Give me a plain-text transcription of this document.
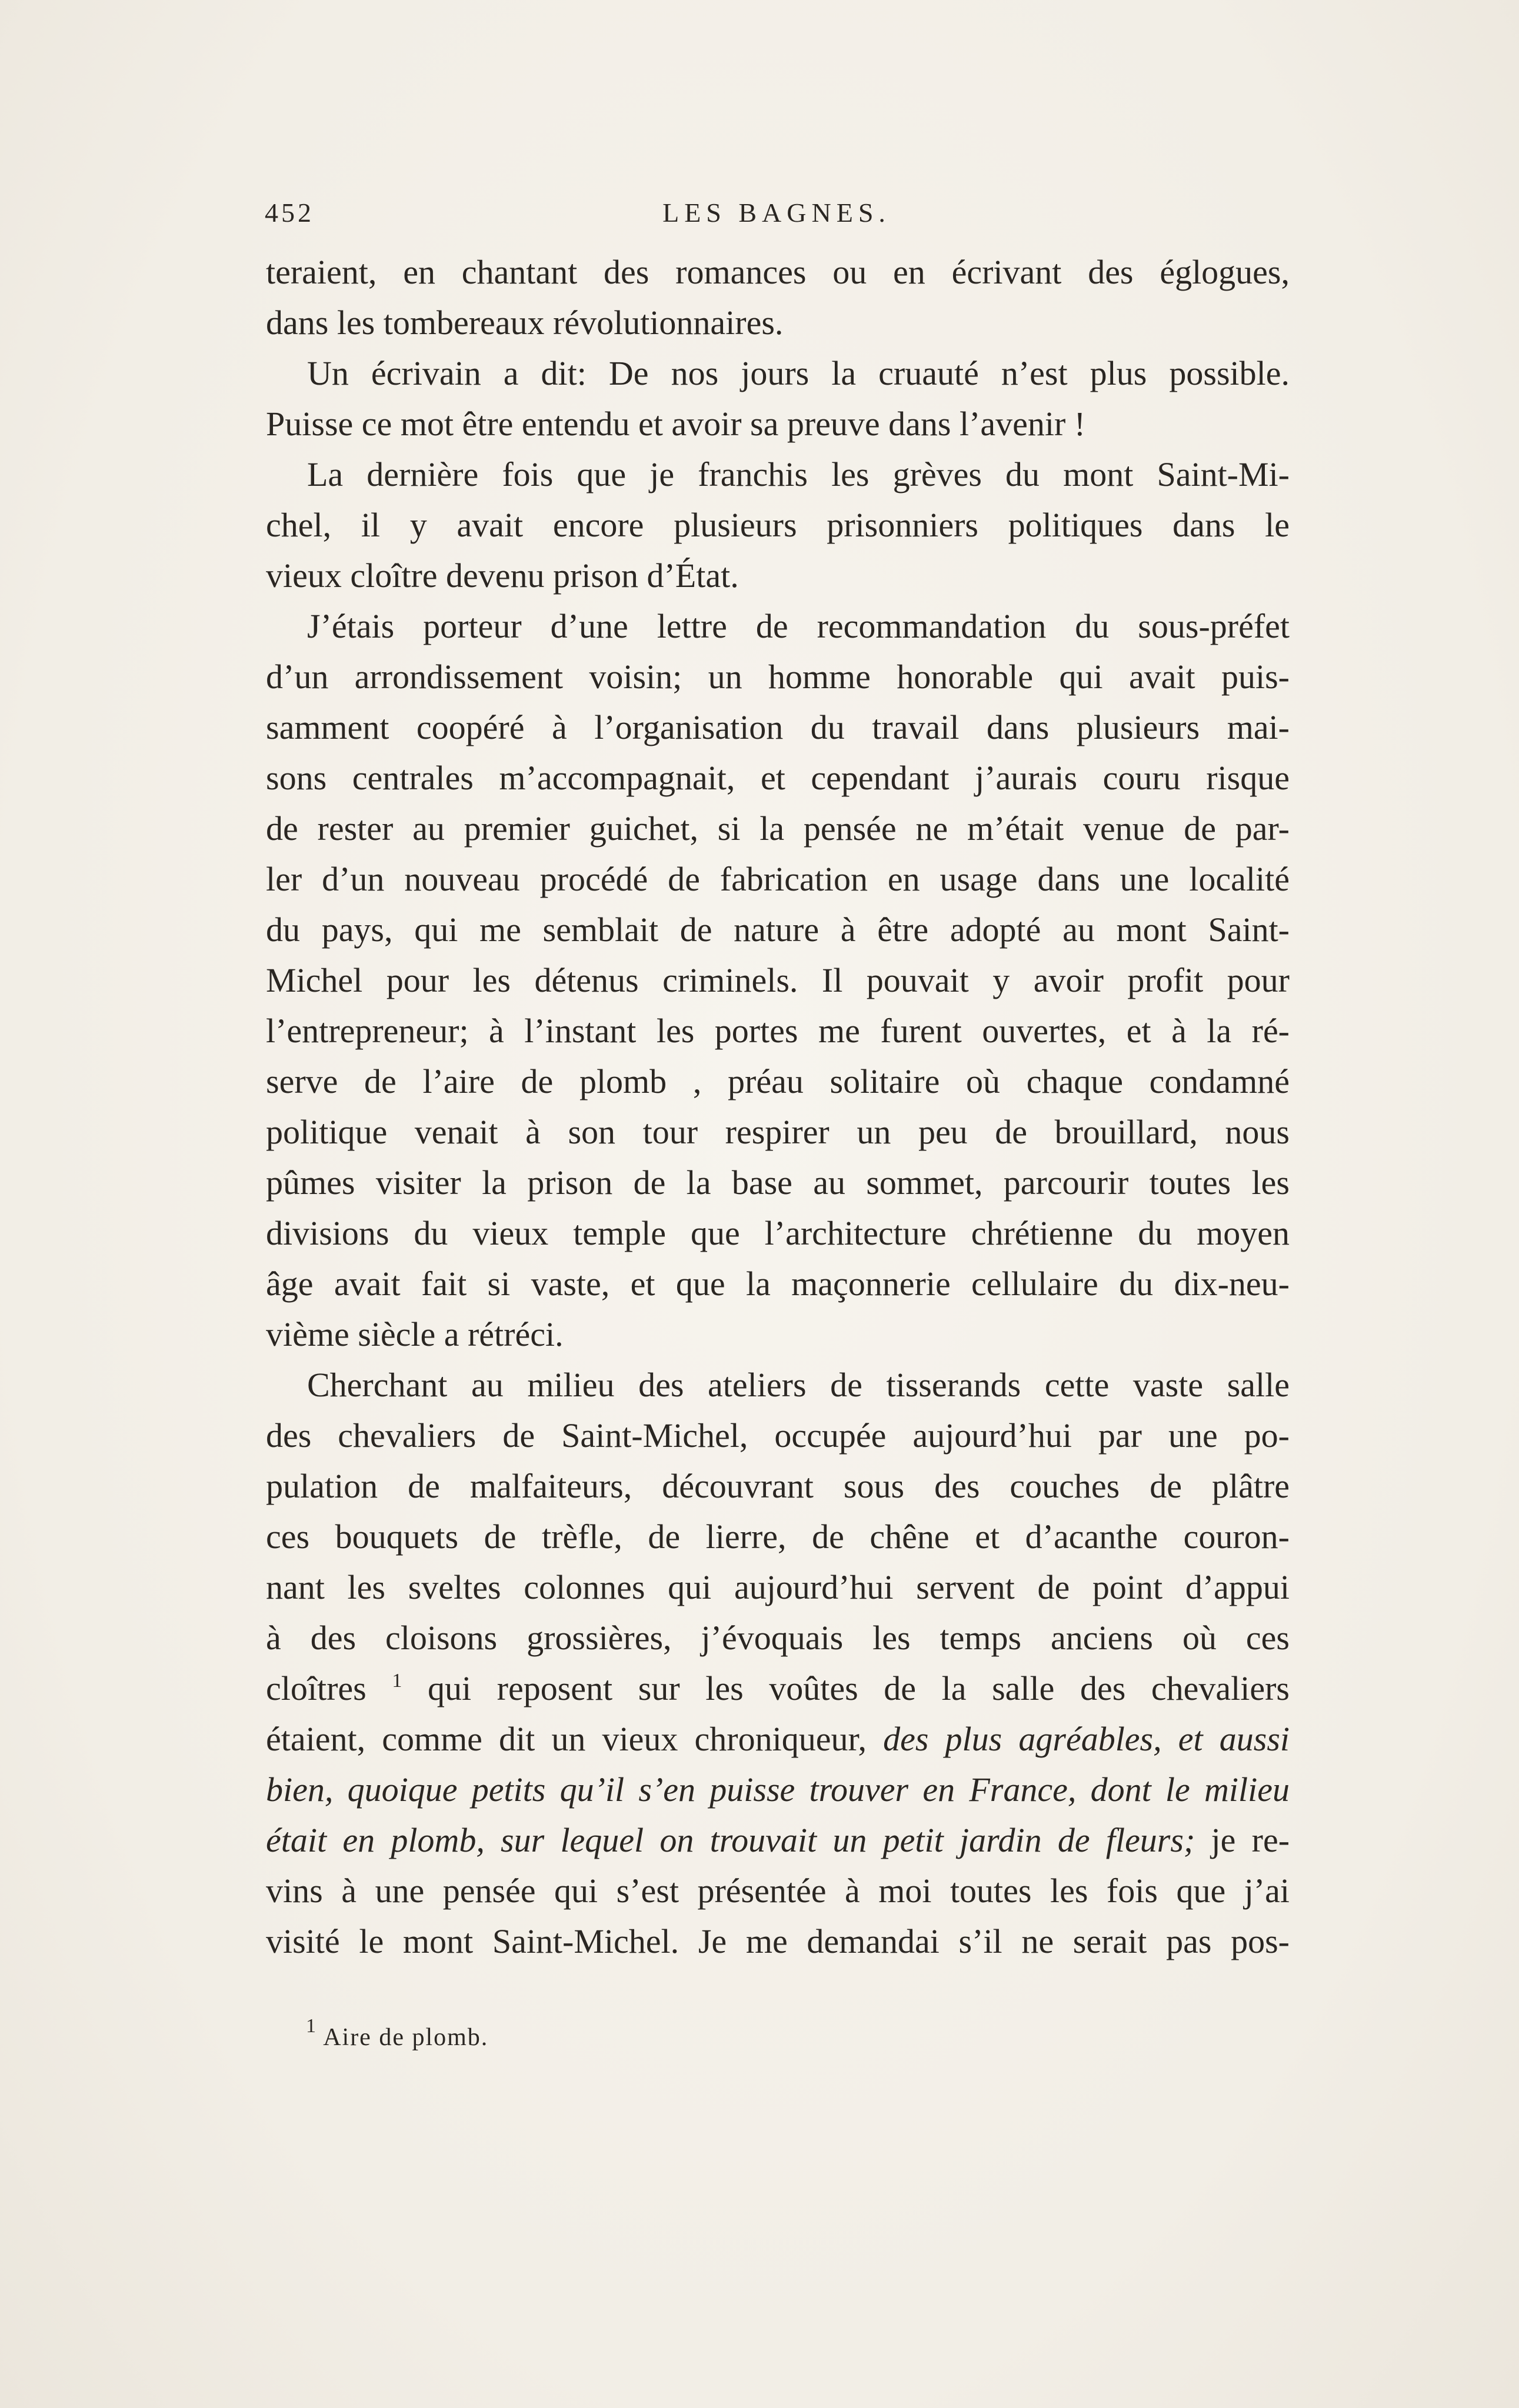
452	LES BAGNES.
teraient, en chantant des romances ou en écrivant des églogues,
dans les tombereaux révolutionnaires.
Un écrivain a dit: De nos jours la cruauté n’est plus possible.
Puisse ce mot être entendu et avoir sa preuve dans l’avenir !
La dernière fois que je franchis les grèves du mont Saint-Mi-
chel, il y avait encore plusieurs prisonniers politiques dans le
vieux cloître devenu prison d’État.
J’étais porteur d’une lettre de recommandation du sous-préfet
d’un arrondissement voisin; un homme honorable qui avait puis-
samment coopéré à l’organisation du travail dans plusieurs mai-
sons centrales m’accompagnait, et cependant j’aurais couru risque
de rester au premier guichet, si la pensée ne m’était venue de par-
ler d’un nouveau procédé de fabrication en usage dans une localité
du pays, qui me semblait de nature à être adopté au mont Saint-
Michel pour les détenus criminels. Il pouvait y avoir profit pour
l’entrepreneur; à l’instant les portes me furent ouvertes, et à la ré-
serve de l’aire de plomb , préau solitaire où chaque condamné
politique venait à son tour respirer un peu de brouillard, nous
pûmes visiter la prison de la base au sommet, parcourir toutes les
divisions du vieux temple que l’architecture chrétienne du moyen
âge avait fait si vaste, et que la maçonnerie cellulaire du dix-neu-
vième siècle a rétréci.
Cherchant au milieu des ateliers de tisserands cette vaste salle
des chevaliers de Saint-Michel, occupée aujourd’hui par une po-
pulation de malfaiteurs, découvrant sous des couches de plâtre
ces bouquets de trèfle, de lierre, de chêne et d’acanthe couron-
nant les sveltes colonnes qui aujourd’hui servent de point d’appui
à des cloisons grossières, j’évoquais les temps anciens où ces
cloîtres $^1$ qui reposent sur les voûtes de la salle des chevaliers
étaient, comme dit un vieux chroniqueur, des plus agréables, et aussi
bien, quoique petits qu’il s’en puisse trouver en France, dont le milieu
était en plomb, sur lequel on trouvait un petit jardin de fleurs; je re-
vins à une pensée qui s’est présentée à moi toutes les fois que j’ai
visité le mont Saint-Michel. Je me demandai s’il ne serait pas pos-
$^1$ Aire de plomb.
